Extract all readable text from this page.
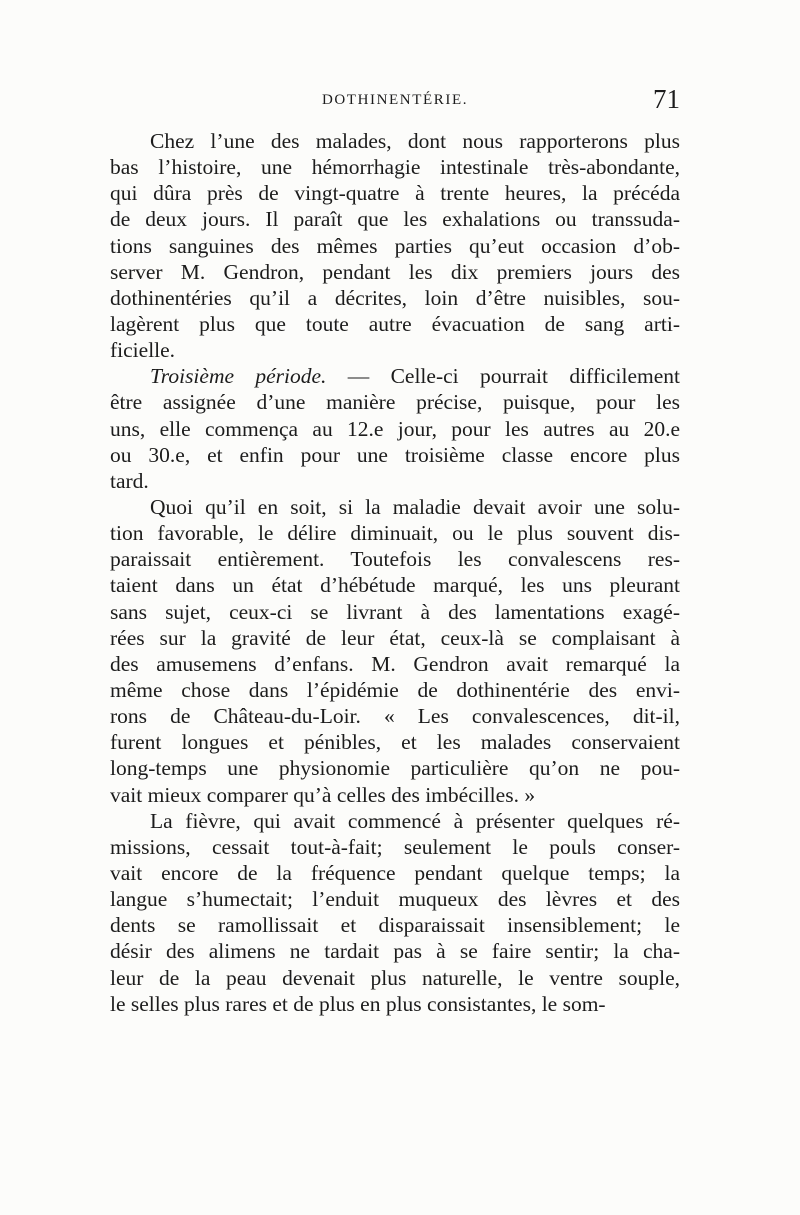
DOTHINENTÉRIE.	71
Chez l’une des malades, dont nous rapporterons plus
bas l’histoire, une hémorrhagie intestinale très-abondante,
qui dûra près de vingt-quatre à trente heures, la précéda
de deux jours. Il paraît que les exhalations ou transsuda-
tions sanguines des mêmes parties qu’eut occasion d’ob-
server M. Gendron, pendant les dix premiers jours des
dothinentéries qu’il a décrites, loin d’être nuisibles, sou-
lagèrent plus que toute autre évacuation de sang arti-
ficielle.
Troisième période. — Celle-ci pourrait difficilement
être assignée d’une manière précise, puisque, pour les
uns, elle commença au 12.e jour, pour les autres au 20.e
ou 30.e, et enfin pour une troisième classe encore plus
tard.
Quoi qu’il en soit, si la maladie devait avoir une solu-
tion favorable, le délire diminuait, ou le plus souvent dis-
paraissait entièrement. Toutefois les convalescens res-
taient dans un état d’hébétude marqué, les uns pleurant
sans sujet, ceux-ci se livrant à des lamentations exagé-
rées sur la gravité de leur état, ceux-là se complaisant à
des amusemens d’enfans. M. Gendron avait remarqué la
même chose dans l’épidémie de dothinentérie des envi-
rons de Château-du-Loir. « Les convalescences, dit-il,
furent longues et pénibles, et les malades conservaient
long-temps une physionomie particulière qu’on ne pou-
vait mieux comparer qu’à celles des imbécilles. »
La fièvre, qui avait commencé à présenter quelques ré-
missions, cessait tout-à-fait; seulement le pouls conser-
vait encore de la fréquence pendant quelque temps; la
langue s’humectait; l’enduit muqueux des lèvres et des
dents se ramollissait et disparaissait insensiblement; le
désir des alimens ne tardait pas à se faire sentir; la cha-
leur de la peau devenait plus naturelle, le ventre souple,
le selles plus rares et de plus en plus consistantes, le som-
